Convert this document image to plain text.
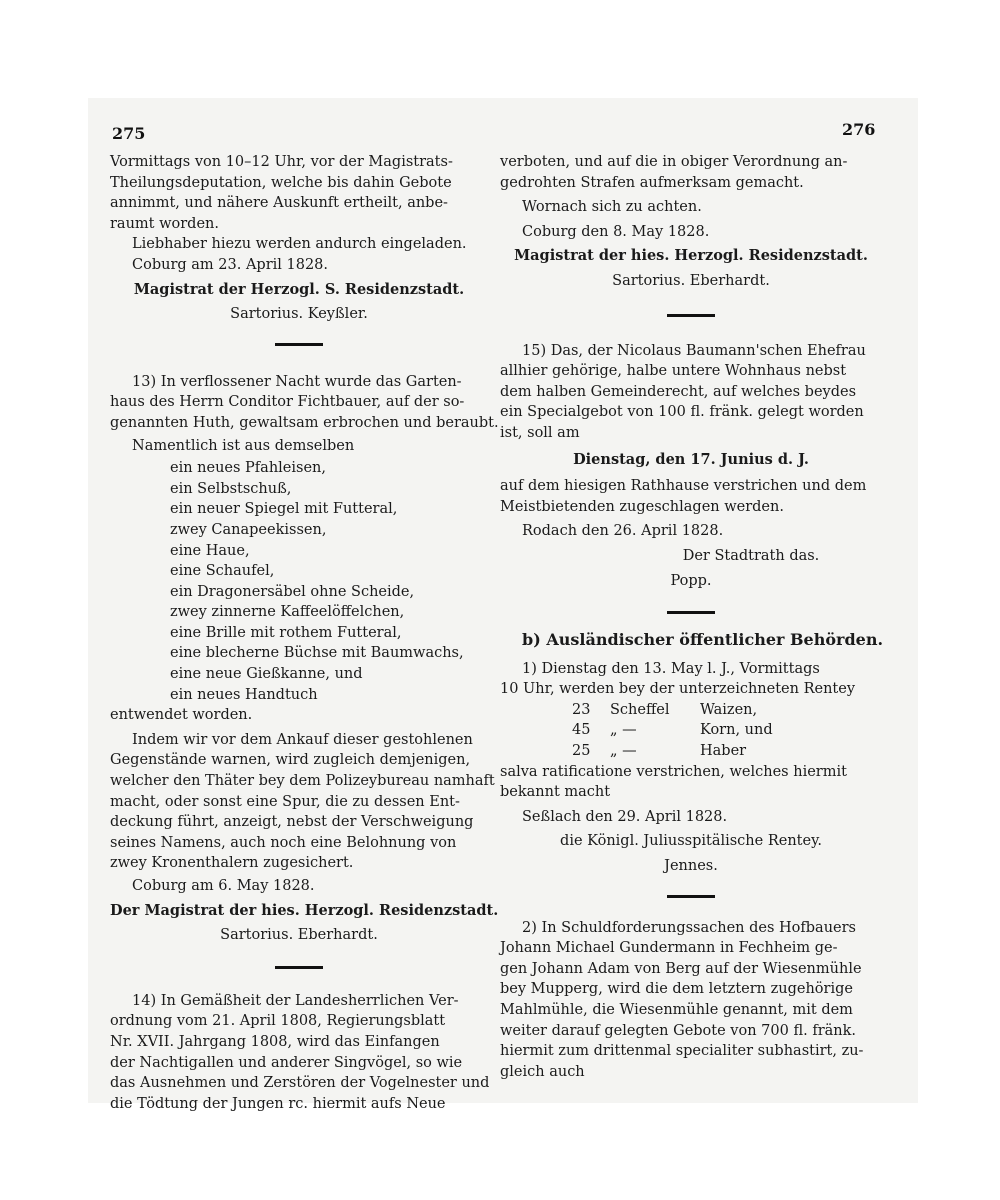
275	276

Vormittags von 10–12 Uhr, vor der Magistrats-

Theilungsdeputation, welche bis dahin Gebote

annimmt, und nähere Auskunft ertheilt, anbe-

raumt worden.

Liebhaber hiezu werden andurch eingeladen.

Coburg am 23. April 1828.

Magistrat der Herzogl. S. Residenzstadt.

Sartorius. Keyßler.

13) In verflossener Nacht wurde das Garten-

haus des Herrn Conditor Fichtbauer, auf der so-

genannten Huth, gewaltsam erbrochen und beraubt.

Namentlich ist aus demselben

ein neues Pfahleisen,

ein Selbstschuß,

ein neuer Spiegel mit Futteral,

zwey Canapeekissen,

eine Haue,

eine Schaufel,

ein Dragonersäbel ohne Scheide,

zwey zinnerne Kaffeelöffelchen,

eine Brille mit rothem Futteral,

eine blecherne Büchse mit Baumwachs,

eine neue Gießkanne, und

ein neues Handtuch

entwendet worden.

Indem wir vor dem Ankauf dieser gestohlenen

Gegenstände warnen, wird zugleich demjenigen,

welcher den Thäter bey dem Polizeybureau namhaft

macht, oder sonst eine Spur, die zu dessen Ent-

deckung führt, anzeigt, nebst der Verschweigung

seines Namens, auch noch eine Belohnung von

zwey Kronenthalern zugesichert.

Coburg am 6. May 1828.

Der Magistrat der hies. Herzogl. Residenzstadt.

Sartorius. Eberhardt.

14) In Gemäßheit der Landesherrlichen Ver-

ordnung vom 21. April 1808, Regierungsblatt

Nr. XVII. Jahrgang 1808, wird das Einfangen

der Nachtigallen und anderer Singvögel, so wie

das Ausnehmen und Zerstören der Vogelnester und

die Tödtung der Jungen rc. hiermit aufs Neue

verboten, und auf die in obiger Verordnung an-

gedrohten Strafen aufmerksam gemacht.

Wornach sich zu achten.

Coburg den 8. May 1828.

Magistrat der hies. Herzogl. Residenzstadt.

Sartorius. Eberhardt.

15) Das, der Nicolaus Baumann'schen Ehefrau

allhier gehörige, halbe untere Wohnhaus nebst

dem halben Gemeinderecht, auf welches beydes

ein Specialgebot von 100 fl. fränk. gelegt worden

ist, soll am

Dienstag, den 17. Junius d. J.

auf dem hiesigen Rathhause verstrichen und dem

Meistbietenden zugeschlagen werden.

Rodach den 26. April 1828.

Der Stadtrath das.

Popp.

b) Ausländischer öffentlicher Behörden.

1) Dienstag den 13. May l. J., Vormittags

10 Uhr, werden bey der unterzeichneten Rentey

23	Scheffel	Waizen,
45	„ —	Korn, und
25	„ —	Haber

salva ratificatione verstrichen, welches hiermit

bekannt macht

Seßlach den 29. April 1828.

die Königl. Juliusspitälische Rentey.

Jennes.

2) In Schuldforderungssachen des Hofbauers

Johann Michael Gundermann in Fechheim ge-

gen Johann Adam von Berg auf der Wiesenmühle

bey Mupperg, wird die dem letztern zugehörige

Mahlmühle, die Wiesenmühle genannt, mit dem

weiter darauf gelegten Gebote von 700 fl. fränk.

hiermit zum drittenmal specialiter subhastirt, zu-

gleich auch
